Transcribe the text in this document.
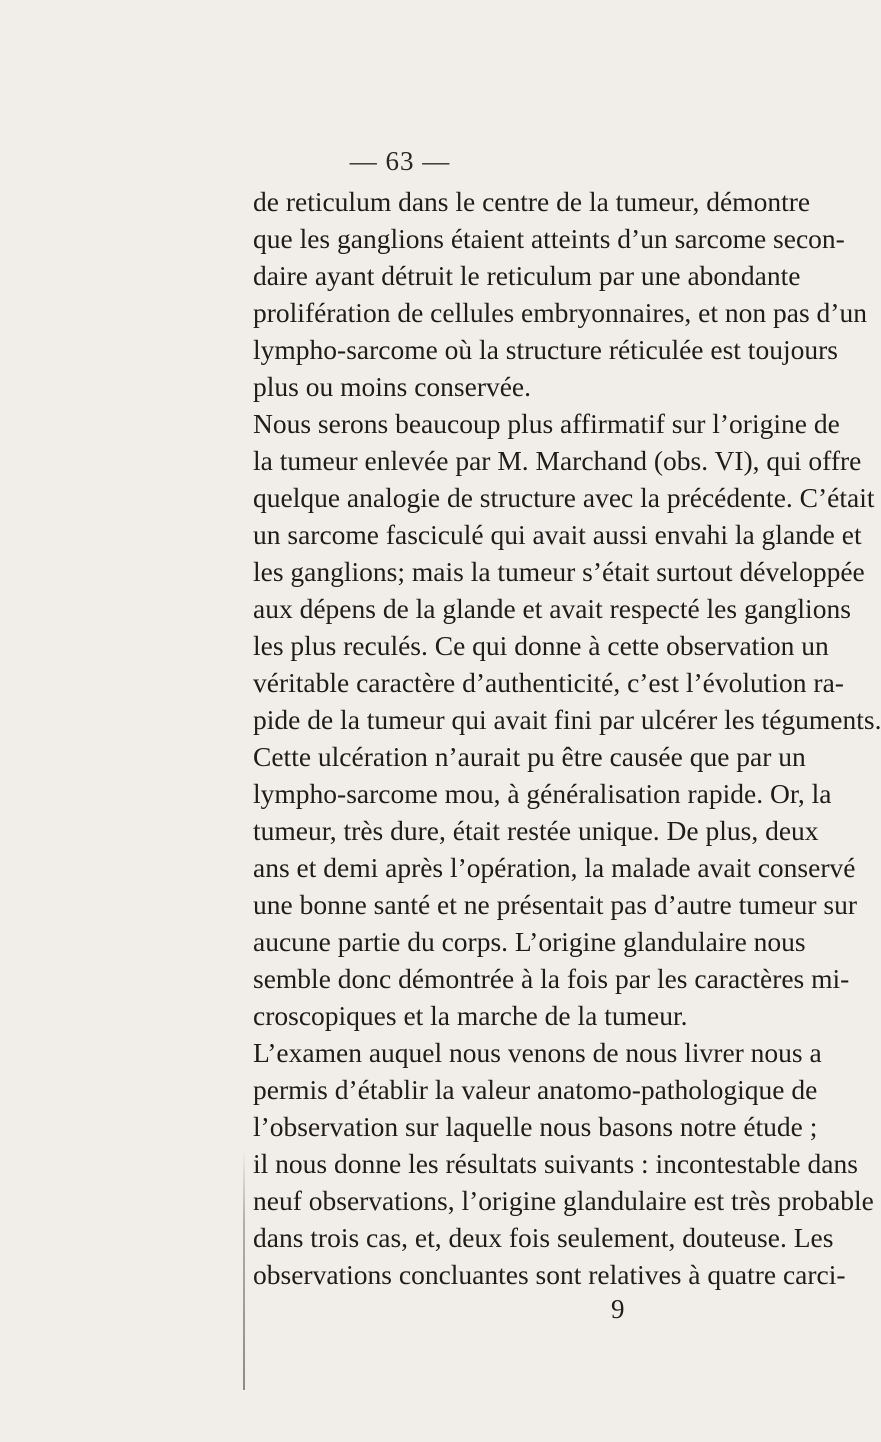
— 63 —
de reticulum dans le centre de la tumeur, démontre
que les ganglions étaient atteints d’un sarcome secon-
daire ayant détruit le reticulum par une abondante
prolifération de cellules embryonnaires, et non pas d’un
lympho-sarcome où la structure réticulée est toujours
plus ou moins conservée.
Nous serons beaucoup plus affirmatif sur l’origine de
la tumeur enlevée par M. Marchand (obs. VI), qui offre
quelque analogie de structure avec la précédente. C’était
un sarcome fasciculé qui avait aussi envahi la glande et
les ganglions; mais la tumeur s’était surtout développée
aux dépens de la glande et avait respecté les ganglions
les plus reculés. Ce qui donne à cette observation un
véritable caractère d’authenticité, c’est l’évolution ra-
pide de la tumeur qui avait fini par ulcérer les téguments.
Cette ulcération n’aurait pu être causée que par un
lympho-sarcome mou, à généralisation rapide. Or, la
tumeur, très dure, était restée unique. De plus, deux
ans et demi après l’opération, la malade avait conservé
une bonne santé et ne présentait pas d’autre tumeur sur
aucune partie du corps. L’origine glandulaire nous
semble donc démontrée à la fois par les caractères mi-
croscopiques et la marche de la tumeur.
L’examen auquel nous venons de nous livrer nous a
permis d’établir la valeur anatomo-pathologique de
l’observation sur laquelle nous basons notre étude ;
il nous donne les résultats suivants : incontestable dans
neuf observations, l’origine glandulaire est très probable
dans trois cas, et, deux fois seulement, douteuse. Les
observations concluantes sont relatives à quatre carci-
9
